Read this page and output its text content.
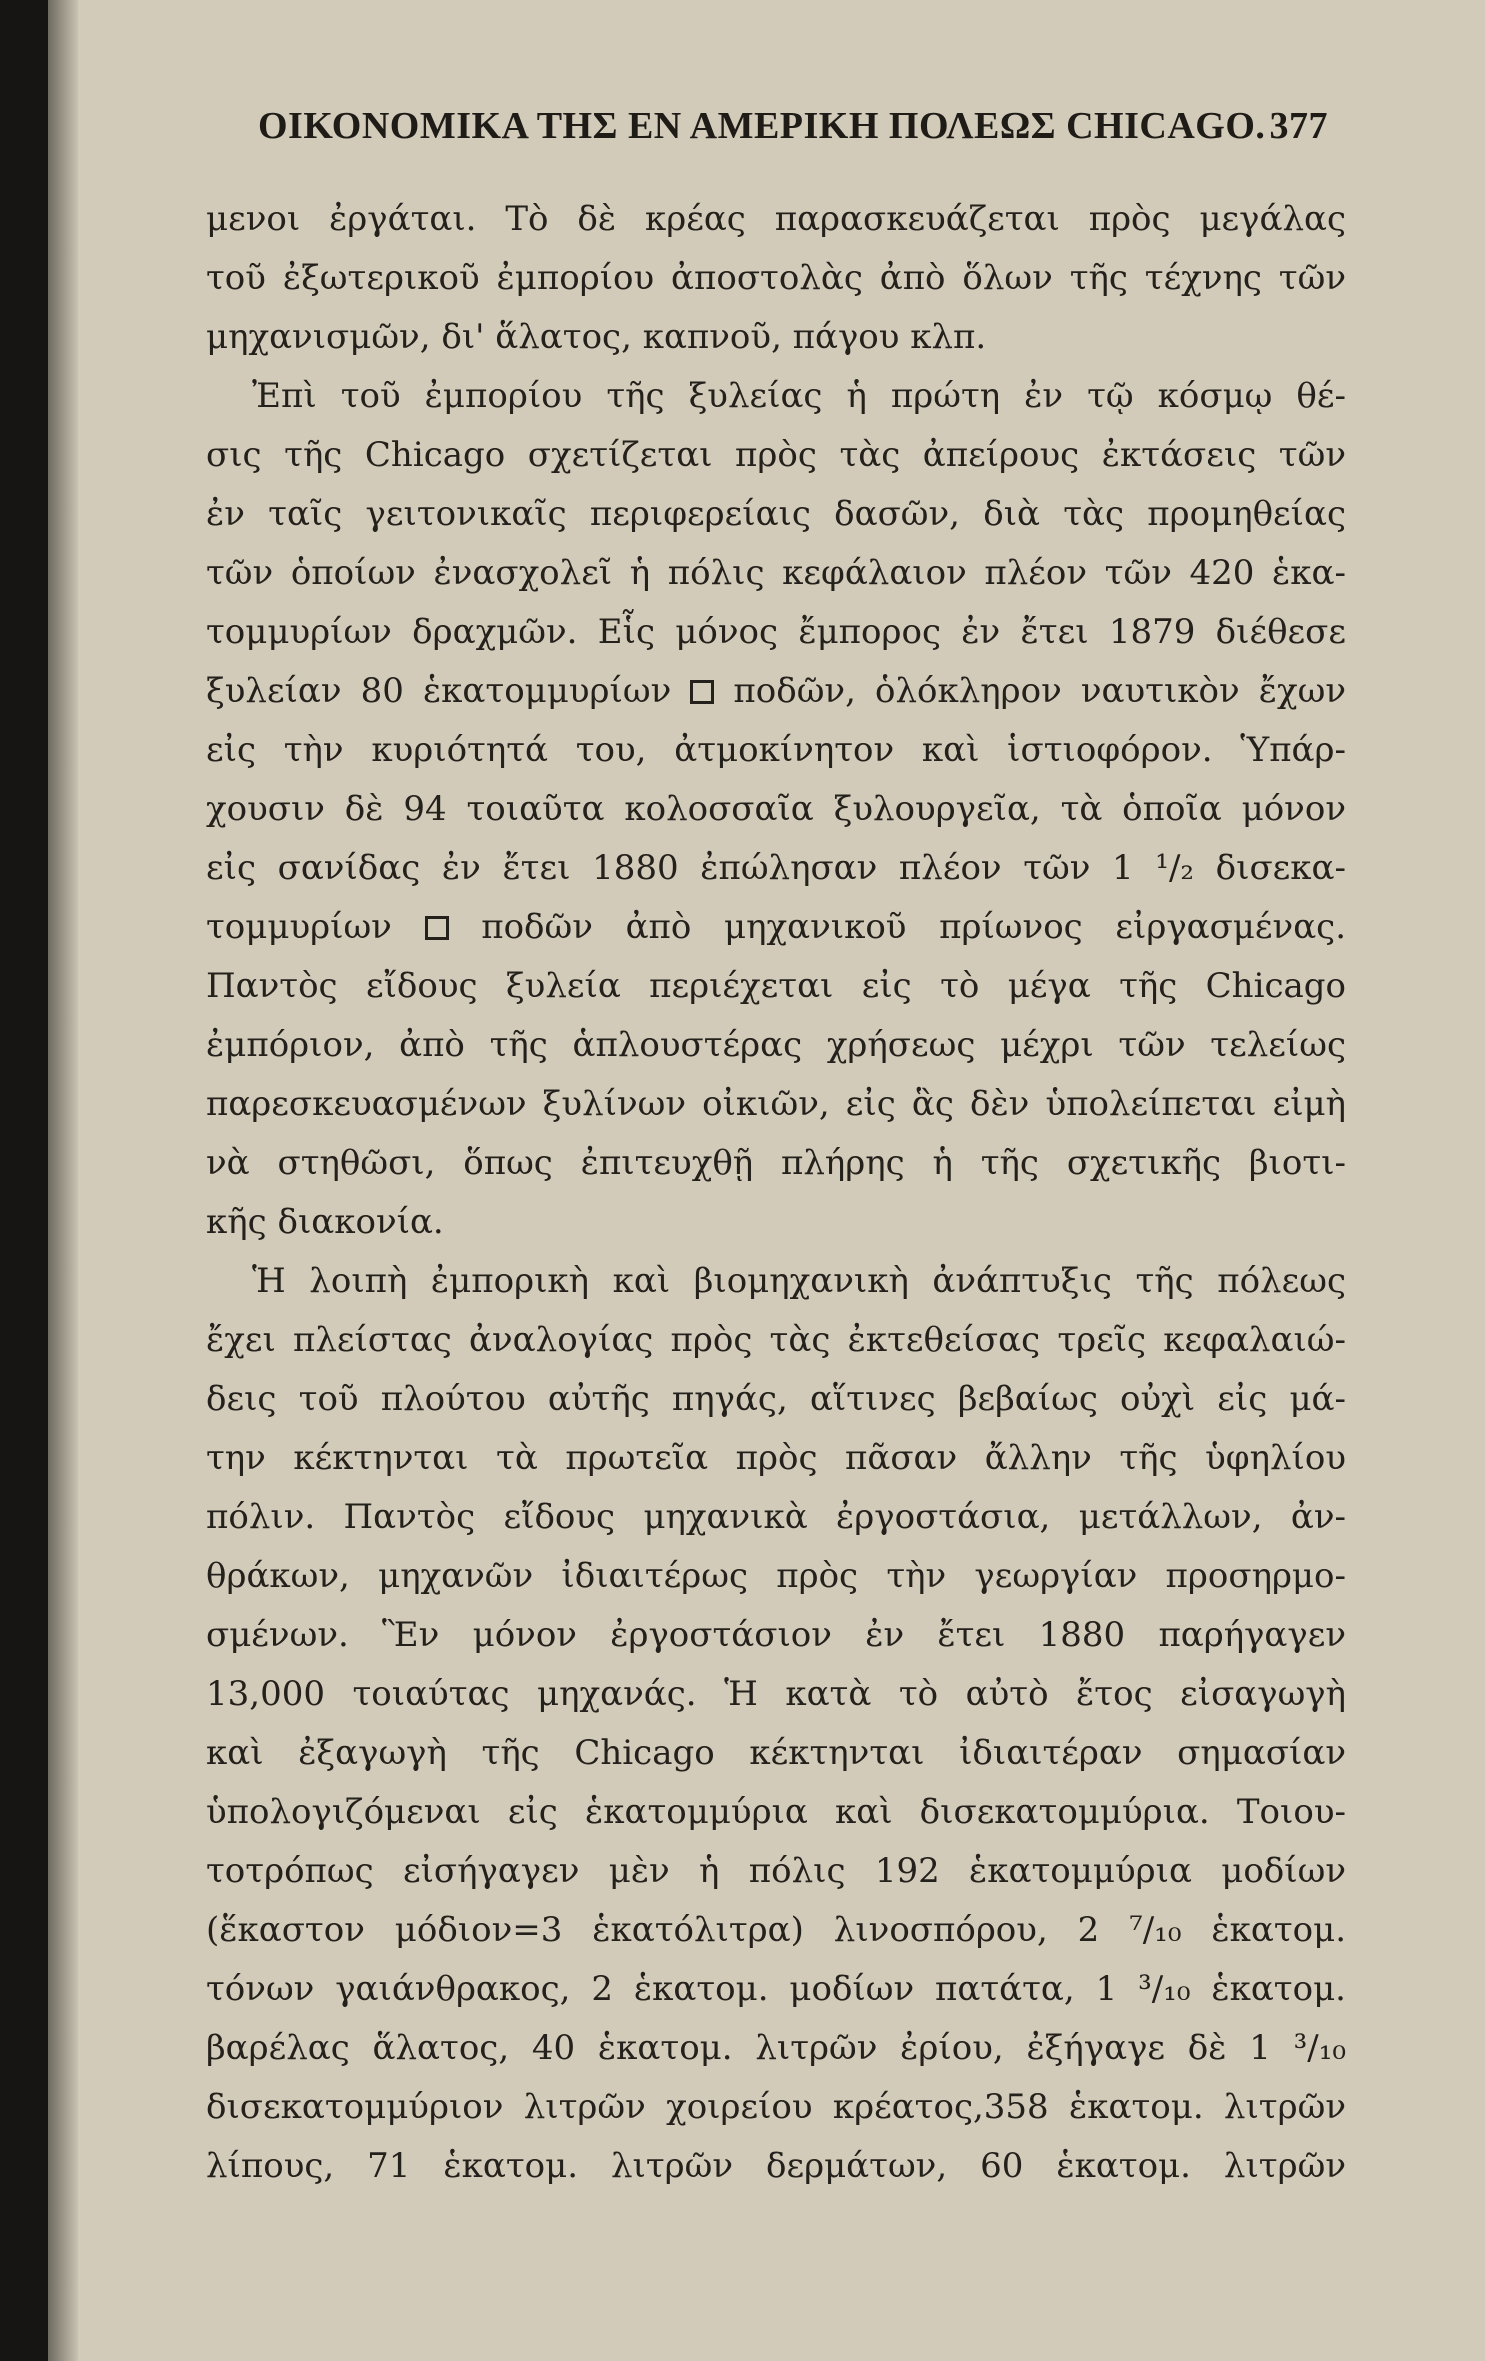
ΟΙΚΟΝΟΜΙΚΑ ΤΗΣ ΕΝ ΑΜΕΡΙΚΗ ΠΟΛΕΩΣ CHICAGO. 377
μενοι ἐργάται. Τὸ δὲ κρέας παρασκευάζεται πρὸς μεγάλας
τοῦ ἐξωτερικοῦ ἐμπορίου ἀποστολὰς ἀπὸ ὅλων τῆς τέχνης τῶν
μηχανισμῶν, δι' ἅλατος, καπνοῦ, πάγου κλπ.
Ἐπὶ τοῦ ἐμπορίου τῆς ξυλείας ἡ πρώτη ἐν τῷ κόσμῳ θέ-
σις τῆς Chicago σχετίζεται πρὸς τὰς ἀπείρους ἐκτάσεις τῶν
ἐν ταῖς γειτονικαῖς περιφερείαις δασῶν, διὰ τὰς προμηθείας
τῶν ὁποίων ἐνασχολεῖ ἡ πόλις κεφάλαιον πλέον τῶν 420 ἑκα-
τομμυρίων δραχμῶν. Εἷς μόνος ἔμπορος ἐν ἔτει 1879 διέθεσε
ξυλείαν 80 ἑκατομμυρίων  ποδῶν, ὁλόκληρον ναυτικὸν ἔχων
εἰς τὴν κυριότητά του, ἀτμοκίνητον καὶ ἱστιοφόρον. Ὑπάρ-
χουσιν δὲ 94 τοιαῦτα κολοσσαῖα ξυλουργεῖα, τὰ ὁποῖα μόνον
εἰς σανίδας ἐν ἔτει 1880 ἐπώλησαν πλέον τῶν 1 ¹/₂ δισεκα-
τομμυρίων  ποδῶν ἀπὸ μηχανικοῦ πρίωνος εἰργασμένας.
Παντὸς εἴδους ξυλεία περιέχεται εἰς τὸ μέγα τῆς Chicago
ἐμπόριον, ἀπὸ τῆς ἁπλουστέρας χρήσεως μέχρι τῶν τελείως
παρεσκευασμένων ξυλίνων οἰκιῶν, εἰς ἃς δὲν ὑπολείπεται εἰμὴ
νὰ στηθῶσι, ὅπως ἐπιτευχθῇ πλήρης ἡ τῆς σχετικῆς βιοτι-
κῆς διακονία.
Ἡ λοιπὴ ἐμπορικὴ καὶ βιομηχανικὴ ἀνάπτυξις τῆς πόλεως
ἔχει πλείστας ἀναλογίας πρὸς τὰς ἐκτεθείσας τρεῖς κεφαλαιώ-
δεις τοῦ πλούτου αὐτῆς πηγάς, αἵτινες βεβαίως οὐχὶ εἰς μά-
την κέκτηνται τὰ πρωτεῖα πρὸς πᾶσαν ἄλλην τῆς ὑφηλίου
πόλιν. Παντὸς εἴδους μηχανικὰ ἐργοστάσια, μετάλλων, ἀν-
θράκων, μηχανῶν ἰδιαιτέρως πρὸς τὴν γεωργίαν προσηρμο-
σμένων. Ἓν μόνον ἐργοστάσιον ἐν ἔτει 1880 παρήγαγεν
13,000 τοιαύτας μηχανάς. Ἡ κατὰ τὸ αὐτὸ ἔτος εἰσαγωγὴ
καὶ ἐξαγωγὴ τῆς Chicago κέκτηνται ἰδιαιτέραν σημασίαν
ὑπολογιζόμεναι εἰς ἑκατομμύρια καὶ δισεκατομμύρια. Τοιου-
τοτρόπως εἰσήγαγεν μὲν ἡ πόλις 192 ἑκατομμύρια μοδίων
(ἕκαστον μόδιον=3 ἑκατόλιτρα) λινοσπόρου, 2 ⁷/₁₀ ἑκατομ.
τόνων γαιάνθρακος, 2 ἑκατομ. μοδίων πατάτα, 1 ³/₁₀ ἑκατομ.
βαρέλας ἅλατος, 40 ἑκατομ. λιτρῶν ἐρίου, ἐξήγαγε δὲ 1 ³/₁₀
δισεκατομμύριον λιτρῶν χοιρείου κρέατος,358 ἑκατομ. λιτρῶν
λίπους, 71 ἑκατομ. λιτρῶν δερμάτων, 60 ἑκατομ. λιτρῶν
